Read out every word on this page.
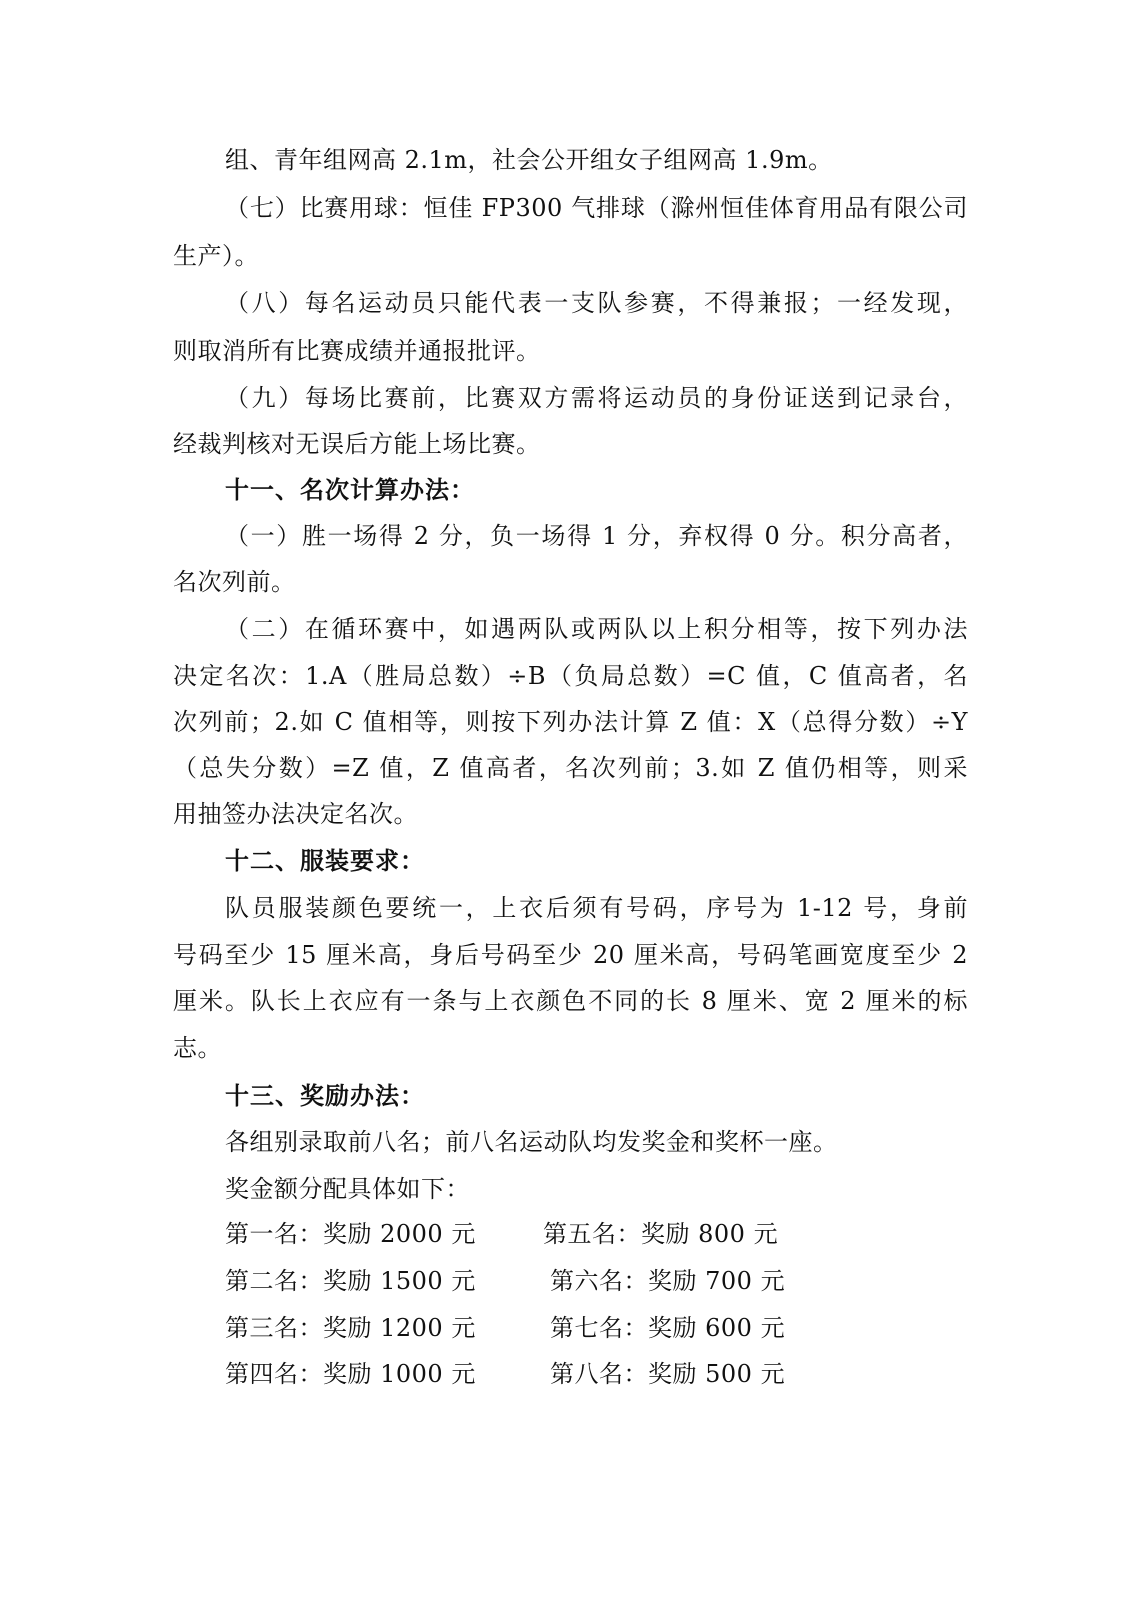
组、青年组网高 2.1m，社会公开组女子组网高 1.9m。
（七）比赛用球：恒佳 FP300 气排球（滁州恒佳体育用品有限公司
生产）。
（八）每名运动员只能代表一支队参赛，不得兼报；一经发现，
则取消所有比赛成绩并通报批评。
（九）每场比赛前，比赛双方需将运动员的身份证送到记录台，
经裁判核对无误后方能上场比赛。
十一、名次计算办法：
（一）胜一场得 2 分，负一场得 1 分，弃权得 0 分。积分高者，
名次列前。
（二）在循环赛中，如遇两队或两队以上积分相等，按下列办法
决定名次：1.A（胜局总数）÷B（负局总数）=C 值，C 值高者，名
次列前；2.如 C 值相等，则按下列办法计算 Z 值：X（总得分数）÷Y
（总失分数）=Z 值，Z 值高者，名次列前；3.如 Z 值仍相等，则采
用抽签办法决定名次。
十二、服装要求：
队员服装颜色要统一，上衣后须有号码，序号为 1-12 号，身前
号码至少 15 厘米高，身后号码至少 20 厘米高，号码笔画宽度至少 2
厘米。队长上衣应有一条与上衣颜色不同的长 8 厘米、宽 2 厘米的标
志。
十三、奖励办法：
各组别录取前八名；前八名运动队均发奖金和奖杯一座。
奖金额分配具体如下：
第一名：奖励 2000 元	第五名：奖励 800 元
第二名：奖励 1500 元	第六名：奖励 700 元
第三名：奖励 1200 元	第七名：奖励 600 元
第四名：奖励 1000 元	第八名：奖励 500 元
